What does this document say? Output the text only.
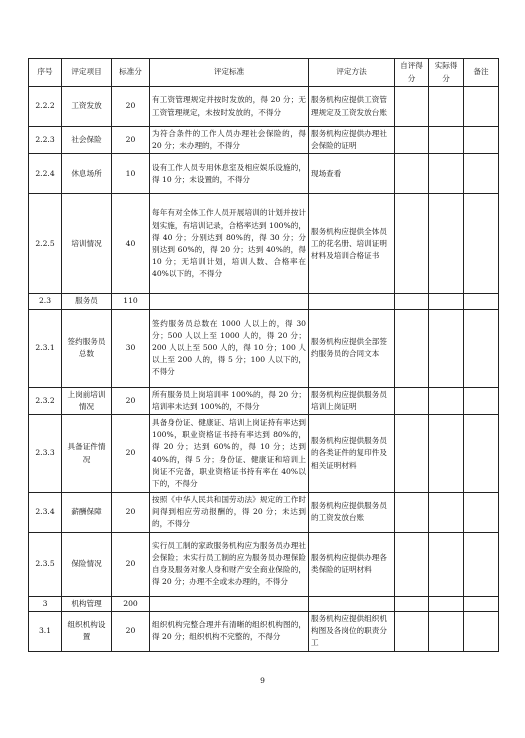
序号	评定项目	标准分	评定标准	评定方法	自评得分	实际得分	备注
2.2.2	工资发放	20	有工资管理规定并按时发放的，得 20 分；无工资管理规定，未按时发放的，不得分	服务机构应提供工资管理规定及工资发放台账			
2.2.3	社会保险	20	为符合条件的工作人员办理社会保险的，得 20 分；未办理的，不得分	服务机构应提供办理社会保险的证明			
2.2.4	休息场所	10	设有工作人员专用休息室及相应娱乐设施的，得 10 分；未设置的，不得分	现场查看			
2.2.5	培训情况	40	每年有对全体工作人员开展培训的计划并按计划实施，有培训记录，合格率达到 100%的，得 40 分；分别达到 80%的，得 30 分；分别达到 60%的，得 20 分；达到 40%的，得 10 分；无培训计划，培训人数、合格率在 40%以下的，不得分	服务机构应提供全体员工的花名册、培训证明材料及培训合格证书			
2.3	服务员	110					
2.3.1	签约服务员总数	30	签约服务员总数在 1000 人以上的，得 30 分；500 人以上至 1000 人的，得 20 分；200 人以上至 500 人的，得 10 分；100 人以上至 200 人的，得 5 分；100 人以下的，不得分	服务机构应提供全部签约服务员的合同文本			
2.3.2	上岗前培训情况	20	所有服务员上岗培训率 100%的，得 20 分；培训率未达到 100%的，不得分	服务机构应提供服务员培训上岗证明			
2.3.3	具备证件情况	20	具备身份证、健康证、培训上岗证持有率达到 100%，职业资格证书持有率达到 80%的，得 20 分；达到 60%的，得 10 分；达到 40%的，得 5 分；身份证、健康证和培训上岗证不完备，职业资格证书持有率在 40%以下的，不得分	服务机构应提供服务员的各类证件的复印件及相关证明材料			
2.3.4	薪酬保障	20	按照《中华人民共和国劳动法》规定的工作时间得到相应劳动报酬的，得 20 分；未达到的，不得分	服务机构应提供服务员的工资发放台账			
2.3.5	保险情况	20	实行员工制的家政服务机构应为服务员办理社会保险；未实行员工制的应为服务员办理保险自身及服务对象人身和财产安全商业保险的，得 20 分；办理不全或未办理的，不得分	服务机构应提供办理各类保险的证明材料			
3	机构管理	200					
3.1	组织机构设置	20	组织机构完整合理并有清晰的组织机构图的，得 20 分；组织机构不完整的，不得分	服务机构应提供组织机构图及各岗位的职责分工			
9
